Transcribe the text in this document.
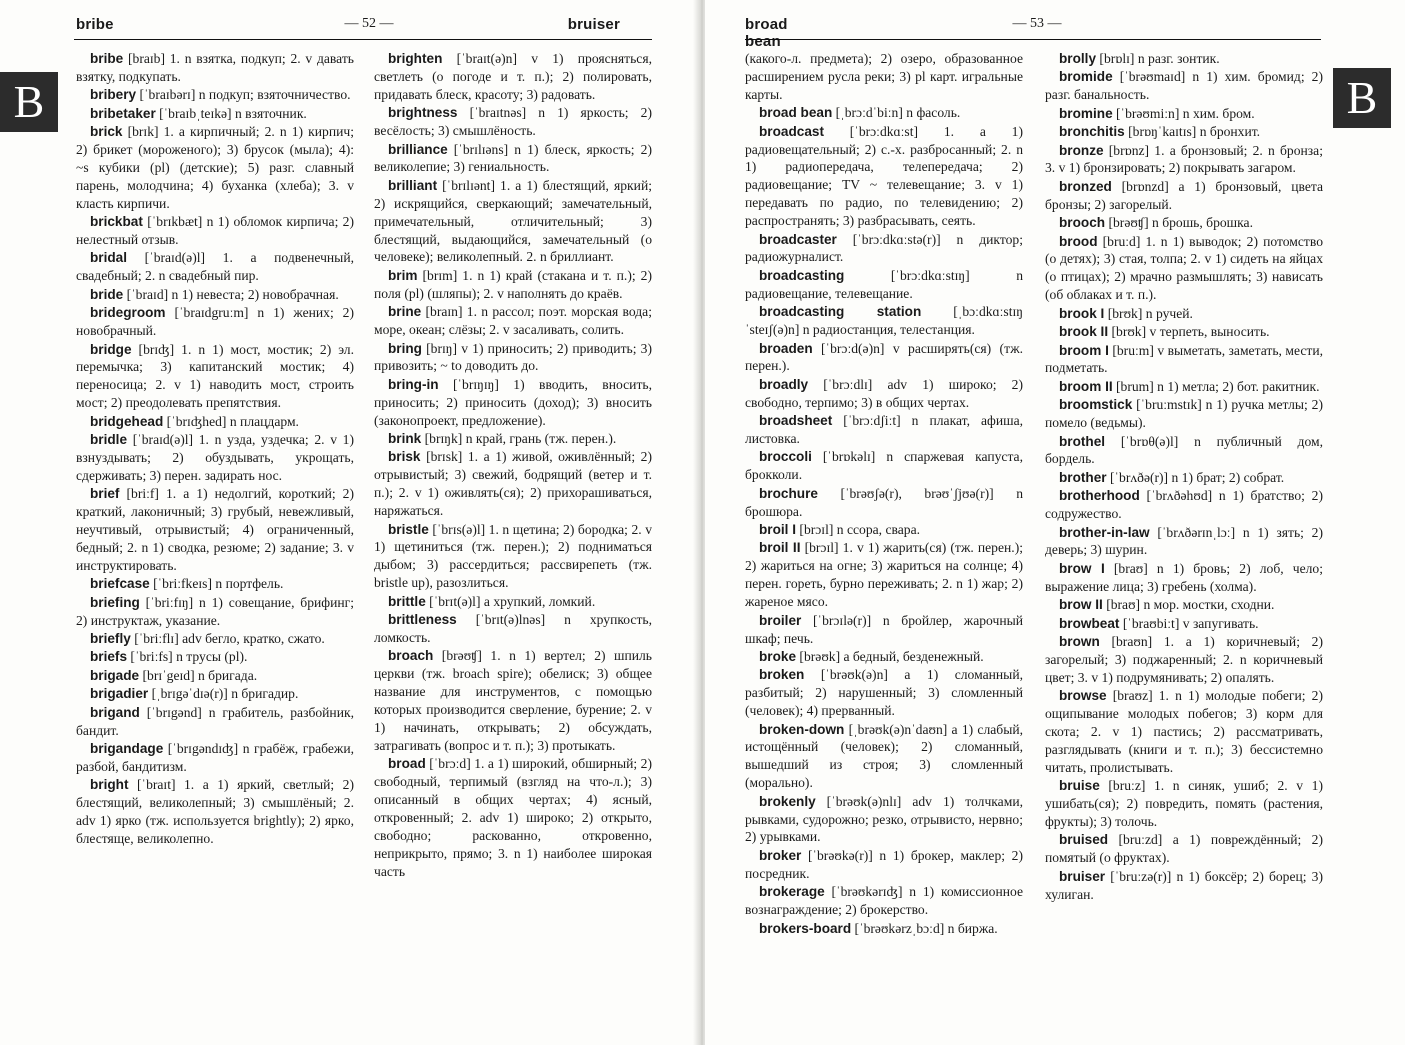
bribe	— 52 —
B

bribe [braɪb] 1. n взятка, подкуп; 2. v давать взятку, подкупать.

bribery [ˈbraɪbərɪ] n подкуп; взяточничество.

bribetaker [ˈbraɪbˌteɪkə] n взяточник.

brick [brɪk] 1. a кирпичный; 2. n 1) кирпич; 2) брикет (мороженого); 3) брусок (мыла); 4): ~s кубики (pl) (детские); 5) разг. славный парень, молодчина; 4) буханка (хлеба); 3. v класть кирпичи.

brickbat [ˈbrɪkbæt] n 1) обломок кирпича; 2) нелестный отзыв.

bridal [ˈbraɪd(ə)l] 1. a подвенечный, свадебный; 2. n свадебный пир.

bride [ˈbraɪd] n 1) невеста; 2) новобрачная.

bridegroom [ˈbraɪdgruːm] n 1) жених; 2) новобрачный.

bridge [brɪʤ] 1. n 1) мост, мостик; 2) эл. перемычка; 3) капитанский мостик; 4) переносица; 2. v 1) наводить мост, строить мост; 2) преодолевать препятствия.

bridgehead [ˈbrɪʤhed] n плацдарм.

bridle [ˈbraɪd(ə)l] 1. n узда, уздечка; 2. v 1) взнуздывать; 2) обуздывать, укрощать, сдерживать; 3) перен. задирать нос.

brief [briːf] 1. a 1) недолгий, короткий; 2) краткий, лаконичный; 3) грубый, невежливый, неучтивый, отрывистый; 4) ограниченный, бедный; 2. n 1) сводка, резюме; 2) задание; 3. v инструктировать.

briefcase [ˈbriːfkeɪs] n портфель.

briefing [ˈbriːfɪŋ] n 1) совещание, брифинг; 2) инструктаж, указание.

briefly [ˈbriːflɪ] adv бегло, кратко, сжато.

briefs [ˈbriːfs] n трусы (pl).

brigade [brɪˈgeɪd] n бригада.

brigadier [ˌbrɪgəˈdɪə(r)] n бригадир.

brigand [ˈbrɪgənd] n грабитель, разбойник, бандит.

brigandage [ˈbrɪgəndɪʤ] n грабёж, грабежи, разбой, бандитизм.

bright [ˈbraɪt] 1. a 1) яркий, светлый; 2) блестящий, великолепный; 3) смышлёный; 2. adv 1) ярко (тж. используется brightly); 2) ярко, блестяще, великолепно.

brighten [ˈbraɪt(ə)n] v 1) проясняться, светлеть (о погоде и т. п.); 2) полировать, придавать блеск, красоту; 3) радовать.

brightness [ˈbraɪtnəs] n 1) яркость; 2) весёлость; 3) смышлёность.

brilliance [ˈbrɪlɪəns] n 1) блеск, яркость; 2) великолепие; 3) гениальность.

brilliant [ˈbrɪlɪənt] 1. a 1) блестящий, яркий; 2) искрящийся, сверкающий; замечательный, примечательный, отличительный; 3) блестящий, выдающийся, замечательный (о человеке); великолепный. 2. n бриллиант.

brim [brɪm] 1. n 1) край (стакана и т. п.); 2) поля (pl) (шляпы); 2. v наполнять до краёв.

brine [braɪn] 1. n рассол; поэт. морская вода; море, океан; слёзы; 2. v засаливать, солить.

bring [brɪŋ] v 1) приносить; 2) приводить; 3) привозить; ~ to доводить до.

bring-in [ˈbrɪŋɪŋ] 1) вводить, вносить, приносить; 2) приносить (доход); 3) вносить (законопроект, предложение).

brink [brɪŋk] n край, грань (тж. перен.).

brisk [brɪsk] 1. a 1) живой, оживлённый; 2) отрывистый; 3) свежий, бодрящий (ветер и т. п.); 2. v 1) оживлять(ся); 2) прихорашиваться, наряжаться.

bristle [ˈbrɪs(ə)l] 1. n щетина; 2) бородка; 2. v 1) щетиниться (тж. перен.); 2) подниматься дыбом; 3) рассердиться; рассвирепеть (тж. bristle up), разозлиться.

brittle [ˈbrɪt(ə)l] a хрупкий, ломкий.

brittleness [ˈbrɪt(ə)lnəs] n хрупкость, ломкость.

broach [brəʊʧ] 1. n 1) вертел; 2) шпиль церкви (тж. broach spire); обелиск; 3) общее название для инструментов, с помощью которых производится сверление, бурение; 2. v 1) начинать, открывать; 2) обсуждать, затрагивать (вопрос и т. п.); 3) протыкать.

broad [ˈbrɔːd] 1. a 1) широкий, обширный; 2) свободный, терпимый (взгляд на что-л.); 3) описанный в общих чертах; 4) ясный, откровенный; 2. adv 1) широко; 2) открыто, свободно; раскованно, откровенно, неприкрыто, прямо; 3. n 1) наиболее широкая часть

broad bean
— 53 —
bruiser

(какого-л. предмета); 2) озеро, образованное расширением русла реки; 3) pl карт. игральные карты.

broad bean [ˌbrɔːdˈbiːn] n фасоль.

broadcast [ˈbrɔːdkɑːst] 1. a 1) радиовещательный; 2) с.-х. разбросанный; 2. n 1) радиопередача, телепередача; 2) радиовещание; TV ~ телевещание; 3. v 1) передавать по радио, по телевидению; 2) распространять; 3) разбрасывать, сеять.

broadcaster [ˈbrɔːdkɑːstə(r)] n диктор; радиожурналист.

broadcasting [ˈbrɔːdkɑːstɪŋ] n радиовещание, телевещание.

broadcasting station [ˌbɔːdkɑːstɪŋ ˈsteɪʃ(ə)n] n радиостанция, телестанция.

broaden [ˈbrɔːd(ə)n] v расширять(ся) (тж. перен.).

broadly [ˈbrɔːdlɪ] adv 1) широко; 2) свободно, терпимо; 3) в общих чертах.

broadsheet [ˈbrɔːdʃiːt] n плакат, афиша, листовка.

broccoli [ˈbrɒkəlɪ] n спаржевая капуста, брокколи.

brochure [ˈbrəʊʃə(r), brəʊˈʃjʊə(r)] n брошюра.

broil I [brɔɪl] n ссора, свара.

broil II [brɔɪl] 1. v 1) жарить(ся) (тж. перен.); 2) жариться на огне; 3) жариться на солнце; 4) перен. гореть, бурно переживать; 2. n 1) жар; 2) жареное мясо.

broiler [ˈbrɔɪlə(r)] n бройлер, жарочный шкаф; печь.

broke [brəʊk] a бедный, безденежный.

broken [ˈbrəʊk(ə)n] a 1) сломанный, разбитый; 2) нарушенный; 3) сломленный (человек); 4) прерванный.

broken-down [ˌbrəʊk(ə)nˈdaʊn] a 1) слабый, истощённый (человек); 2) сломанный, вышедший из строя; 3) сломленный (морально).

brokenly [ˈbrəʊk(ə)nlɪ] adv 1) толчками, рывками, судорожно; резко, отрывисто, нервно; 2) урывками.

broker [ˈbrəʊkə(r)] n 1) брокер, маклер; 2) посредник.

brokerage [ˈbrəʊkərɪʤ] n 1) комиссионное вознаграждение; 2) брокерство.

brokers-board [ˈbrəʊkərzˌbɔːd] n биржа.

brolly [brɒlɪ] n разг. зонтик.

bromide [ˈbrəʊmaɪd] n 1) хим. бромид; 2) разг. банальность.

bromine [ˈbrəʊmiːn] n хим. бром.

bronchitis [brɒŋˈkaɪtɪs] n бронхит.

bronze [brɒnz] 1. a бронзовый; 2. n бронза; 3. v 1) бронзировать; 2) покрывать загаром.

bronzed [brɒnzd] a 1) бронзовый, цвета бронзы; 2) загорелый.

brooch [brəʊʧ] n брошь, брошка.

brood [bruːd] 1. n 1) выводок; 2) потомство (о детях); 3) стая, толпа; 2. v 1) сидеть на яйцах (о птицах); 2) мрачно размышлять; 3) нависать (об облаках и т. п.).

brook I [brʊk] n ручей.

brook II [brʊk] v терпеть, выносить.

broom I [bruːm] v выметать, заметать, мести, подметать.

broom II [brum] n 1) метла; 2) бот. ракитник.

broomstick [ˈbruːmstɪk] n 1) ручка метлы; 2) помело (ведьмы).

brothel [ˈbrɒθ(ə)l] n публичный дом, бордель.

brother [ˈbrʌðə(r)] n 1) брат; 2) собрат.

brotherhood [ˈbrʌðəhʊd] n 1) братство; 2) содружество.

brother-in-law [ˈbrʌðərɪnˌlɔː] n 1) зять; 2) деверь; 3) шурин.

brow I [braʊ] n 1) бровь; 2) лоб, чело; выражение лица; 3) гребень (холма).

brow II [braʊ] n мор. мостки, сходни.

browbeat [ˈbraʊbiːt] v запугивать.

brown [braʊn] 1. a 1) коричневый; 2) загорелый; 3) поджаренный; 2. n коричневый цвет; 3. v 1) подрумянивать; 2) опалять.

browse [braʊz] 1. n 1) молодые побеги; 2) ощипывание молодых побегов; 3) корм для скота; 2. v 1) пастись; 2) рассматривать, разглядывать (книги и т. п.); 3) бессистемно читать, пролистывать.

bruise [bruːz] 1. n синяк, ушиб; 2. v 1) ушибать(ся); 2) повредить, помять (растения, фрукты); 3) толочь.

bruised [bruːzd] a 1) повреждённый; 2) помятый (о фруктах).

bruiser [ˈbruːzə(r)] n 1) боксёр; 2) борец; 3) хулиган.

B
